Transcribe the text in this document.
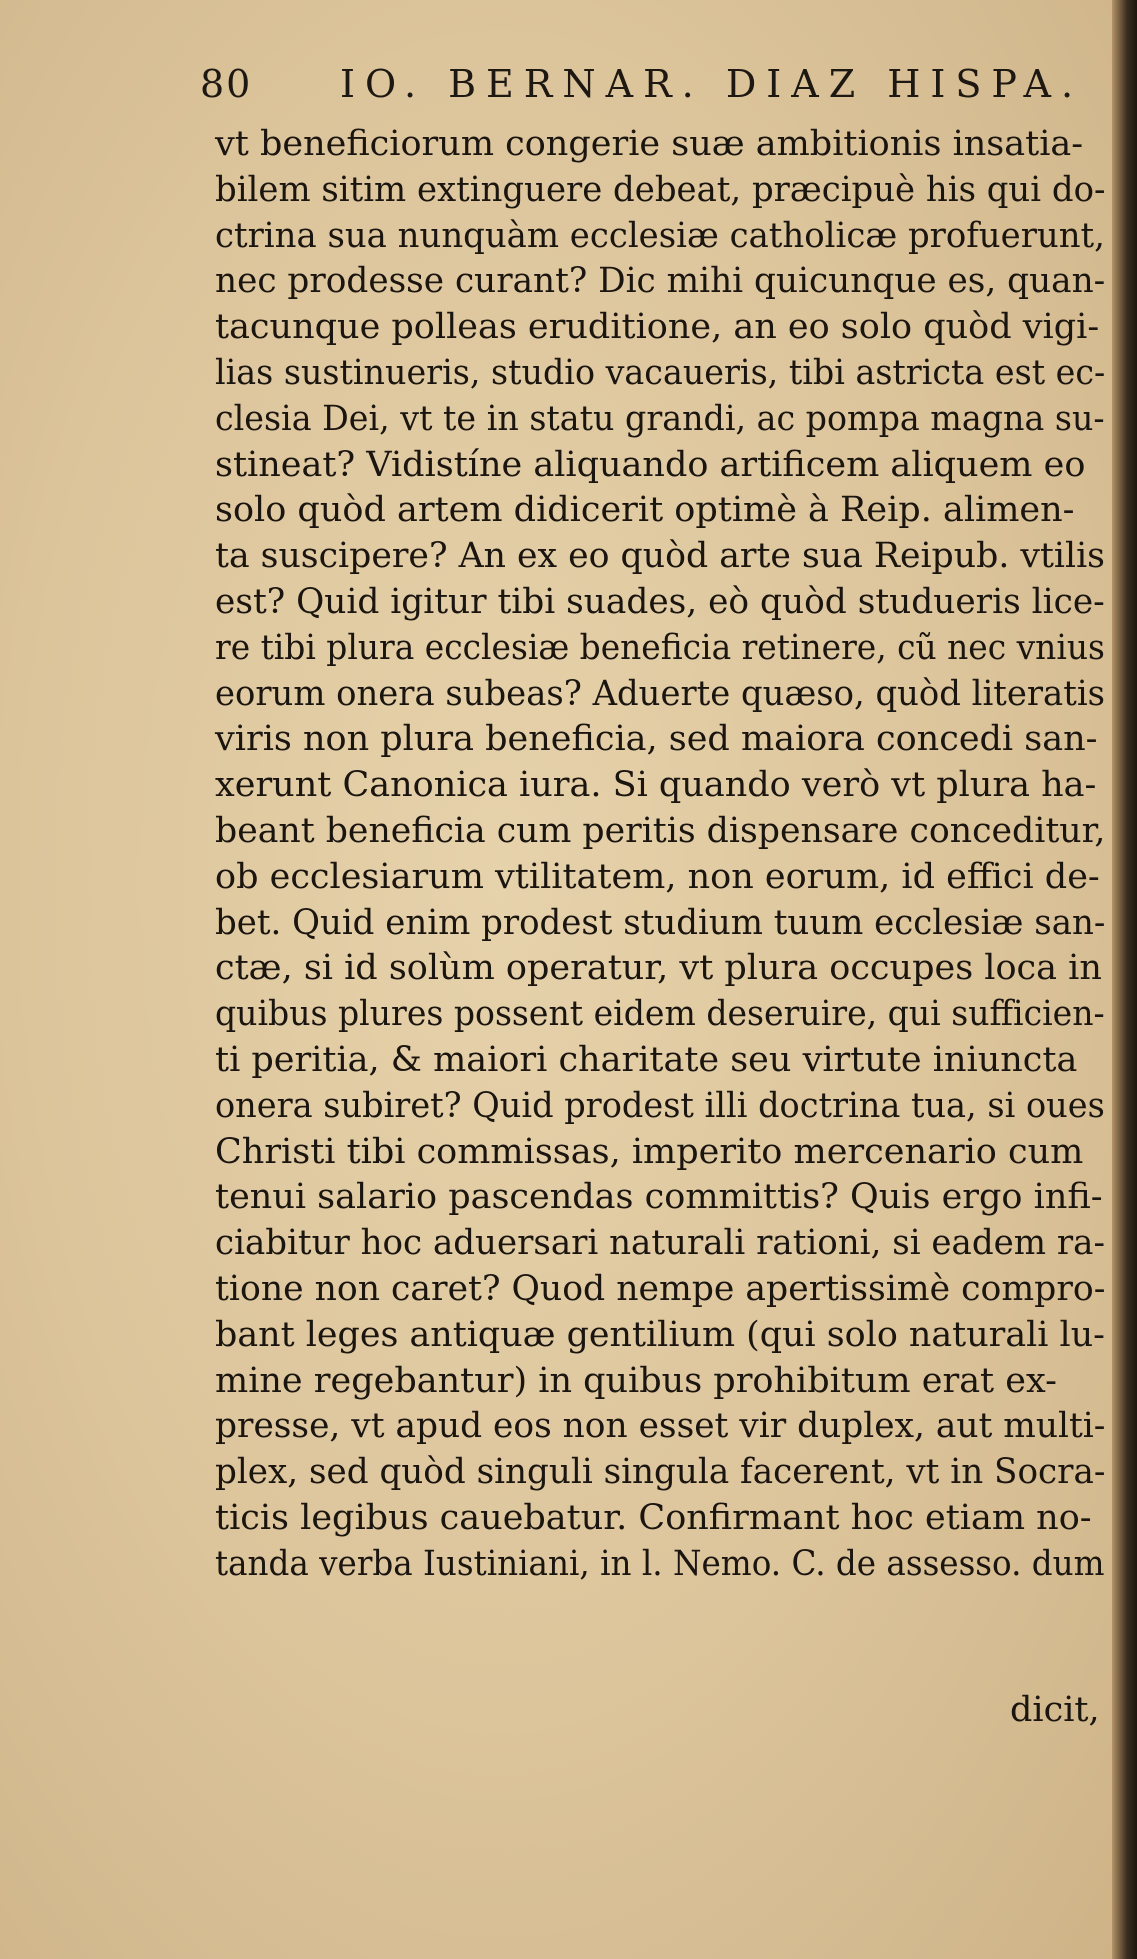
80 IO. BERNAR. DIAZ HISPA.
vt beneficiorum congerie suæ ambitionis insatia-
bilem sitim extinguere debeat, præcipuè his qui do-
ctrina sua nunquàm ecclesiæ catholicæ profuerunt,
nec prodesse curant? Dic mihi quicunque es, quan-
tacunque polleas eruditione, an eo solo quòd vigi-
lias sustinueris, studio vacaueris, tibi astricta est ec-
clesia Dei, vt te in statu grandi, ac pompa magna su-
stineat? Vidistíne aliquando artificem aliquem eo
solo quòd artem didicerit optimè à Reip. alimen-
ta suscipere? An ex eo quòd arte sua Reipub. vtilis
est? Quid igitur tibi suades, eò quòd studueris lice-
re tibi plura ecclesiæ beneficia retinere, cũ nec vnius
eorum onera subeas? Aduerte quæso, quòd literatis
viris non plura beneficia, sed maiora concedi san-
xerunt Canonica iura. Si quando verò vt plura ha-
beant beneficia cum peritis dispensare conceditur,
ob ecclesiarum vtilitatem, non eorum, id effici de-
bet. Quid enim prodest studium tuum ecclesiæ san-
ctæ, si id solùm operatur, vt plura occupes loca in
quibus plures possent eidem deseruire, qui sufficien-
ti peritia, & maiori charitate seu virtute iniuncta
onera subiret? Quid prodest illi doctrina tua, si oues
Christi tibi commissas, imperito mercenario cum
tenui salario pascendas committis? Quis ergo infi-
ciabitur hoc aduersari naturali rationi, si eadem ra-
tione non caret? Quod nempe apertissimè compro-
bant leges antiquæ gentilium (qui solo naturali lu-
mine regebantur) in quibus prohibitum erat ex-
presse, vt apud eos non esset vir duplex, aut multi-
plex, sed quòd singuli singula facerent, vt in Socra-
ticis legibus cauebatur. Confirmant hoc etiam no-
tanda verba Iustiniani, in l. Nemo. C. de assesso. dum
dicit,
